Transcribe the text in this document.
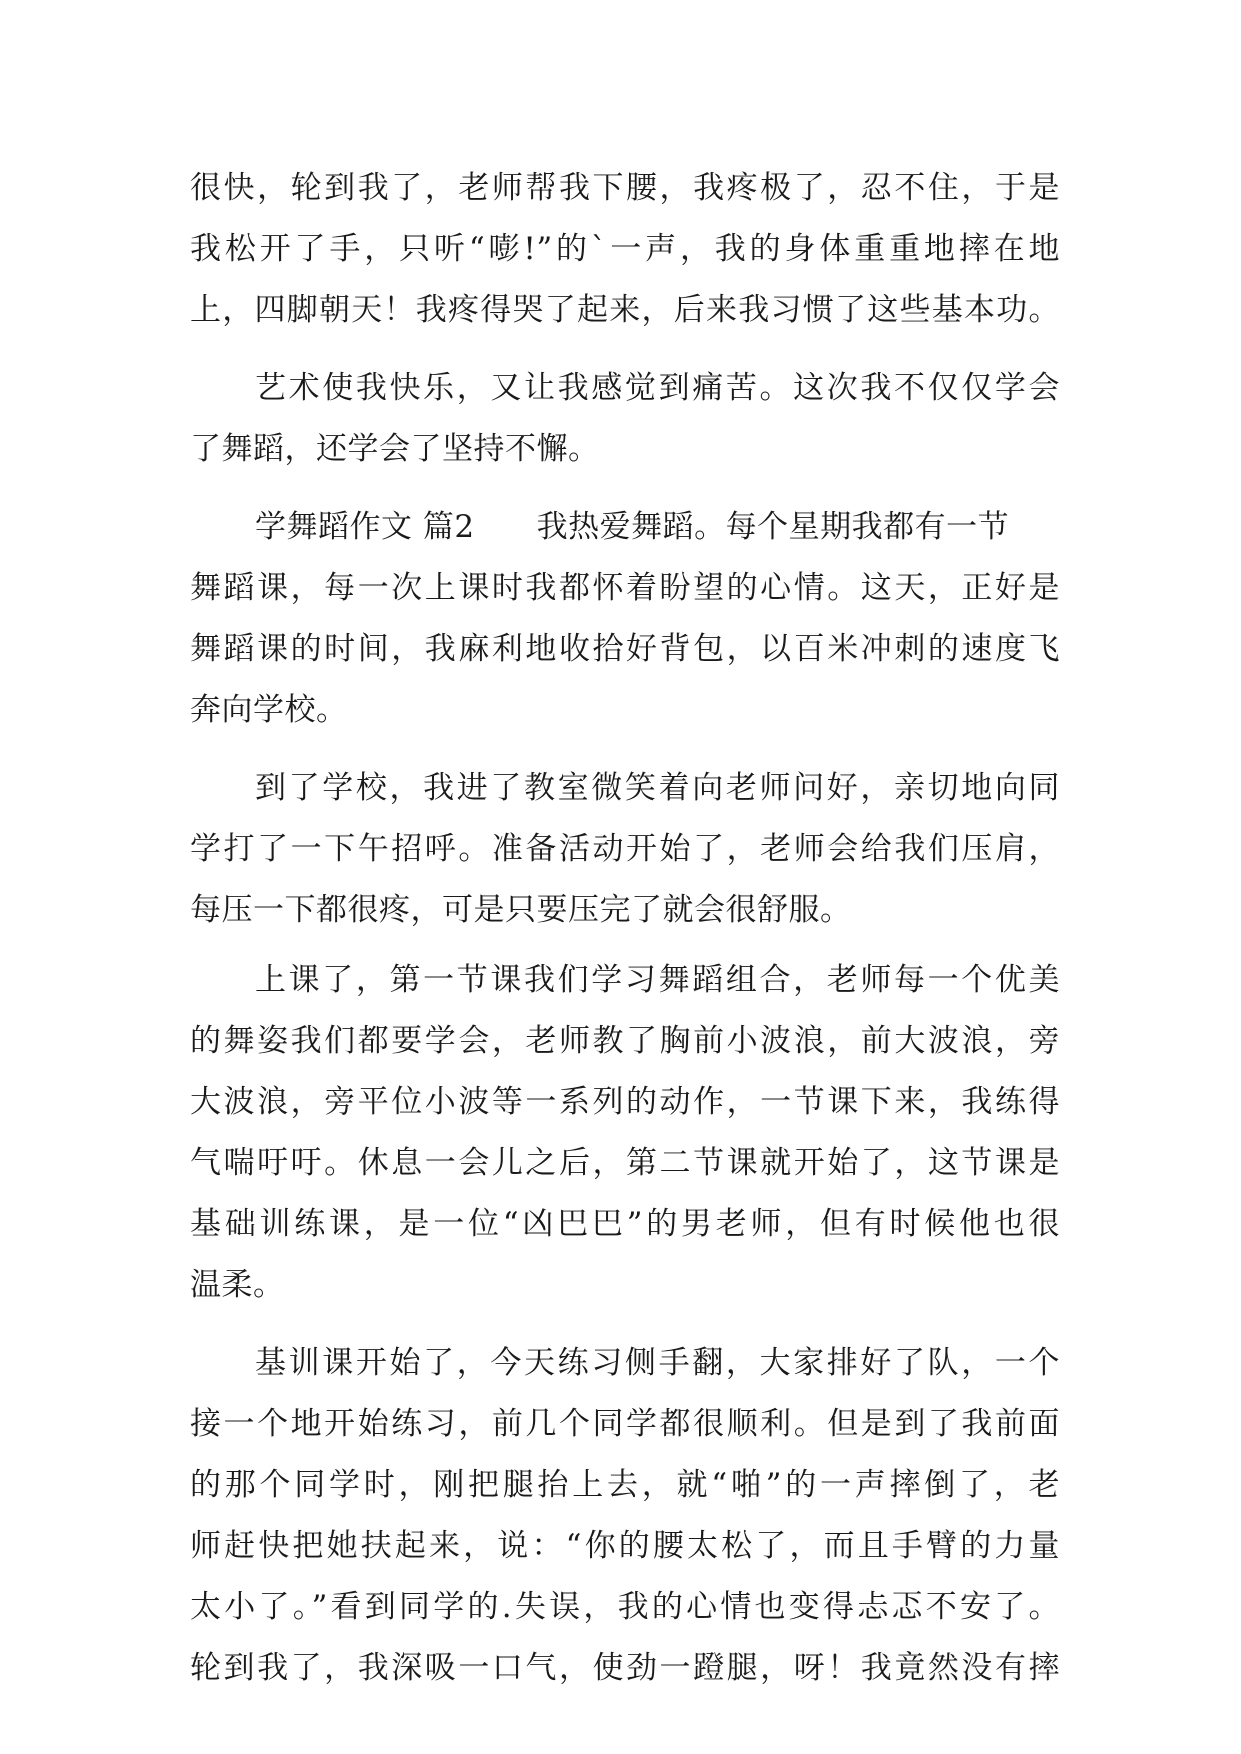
很快，轮到我了，老师帮我下腰，我疼极了，忍不住，于是
我松开了手，只听“嘭!”的`一声，我的身体重重地摔在地
上，四脚朝天！我疼得哭了起来，后来我习惯了这些基本功。
艺术使我快乐，又让我感觉到痛苦。这次我不仅仅学会
了舞蹈，还学会了坚持不懈。
学舞蹈作文 篇2 我热爱舞蹈。每个星期我都有一节
舞蹈课，每一次上课时我都怀着盼望的心情。这天，正好是
舞蹈课的时间，我麻利地收拾好背包，以百米冲刺的速度飞
奔向学校。
到了学校，我进了教室微笑着向老师问好，亲切地向同
学打了一下午招呼。准备活动开始了，老师会给我们压肩，
每压一下都很疼，可是只要压完了就会很舒服。
上课了，第一节课我们学习舞蹈组合，老师每一个优美
的舞姿我们都要学会，老师教了胸前小波浪，前大波浪，旁
大波浪，旁平位小波等一系列的动作，一节课下来，我练得
气喘吁吁。休息一会儿之后，第二节课就开始了，这节课是
基础训练课，是一位“凶巴巴”的男老师，但有时候他也很
温柔。
基训课开始了，今天练习侧手翻，大家排好了队，一个
接一个地开始练习，前几个同学都很顺利。但是到了我前面
的那个同学时，刚把腿抬上去，就“啪”的一声摔倒了，老
师赶快把她扶起来，说：“你的腰太松了，而且手臂的力量
太小了。”看到同学的.失误，我的心情也变得忐忑不安了。
轮到我了，我深吸一口气，使劲一蹬腿，呀！我竟然没有摔
